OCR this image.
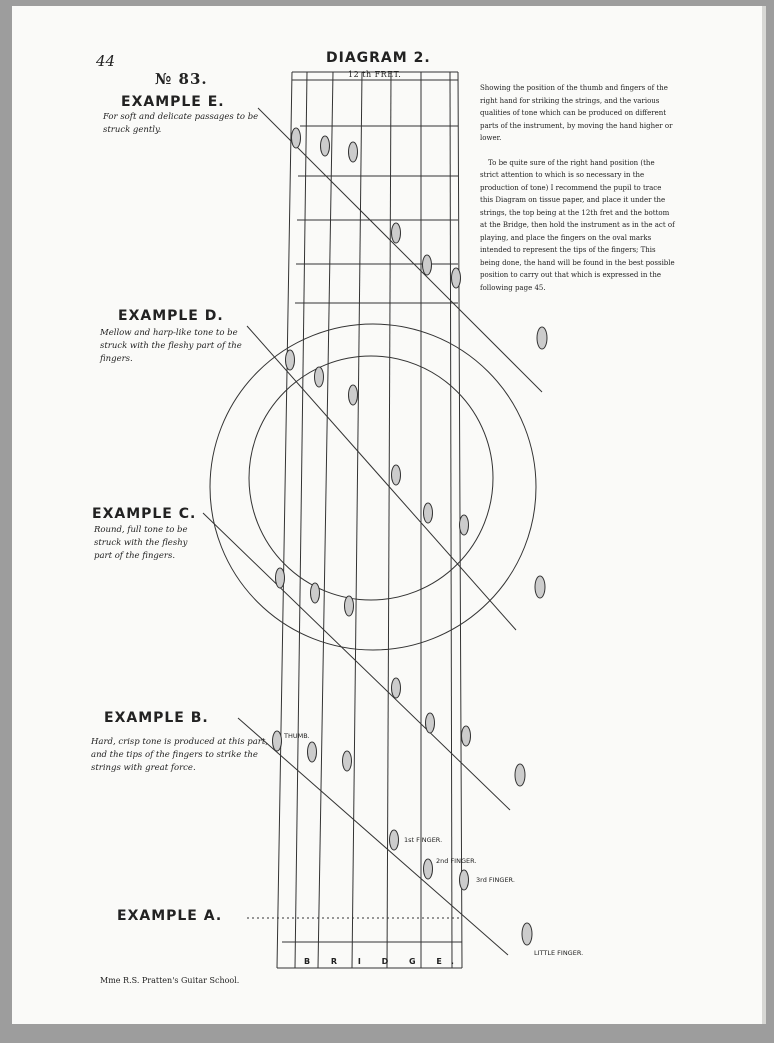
44
№ 83.
DIAGRAM 2.
12 th FRET.
EXAMPLE E.
For soft and delicate passages to be struck gently.
EXAMPLE D.
Mellow and harp-like tone to be struck with the fleshy part of the fingers.
EXAMPLE C.
Round, full tone to be struck with the fleshy part of the fingers.
EXAMPLE B.
Hard, crisp tone is produced at this part, and the tips of the fingers to strike the strings with great force.
EXAMPLE A.

Showing the position of the thumb and fingers of the right hand for striking the strings, and the various qualities of tone which can be produced on different parts of the instrument, by moving the hand higher or lower.

To be quite sure of the right hand position (the strict attention to which is so necessary in the production of tone) I recommend the pupil to trace this Diagram on tissue paper, and place it under the strings, the top being at the 12th fret and the bottom at the Bridge, then hold the instrument as in the act of playing, and place the fingers on the oval marks intended to represent the tips of the fingers; This being done, the hand will be found in the best possible position to carry out that which is expressed in the following page 45.

THUMB.
1st FINGER.
2nd FINGER.
3rd FINGER.
LITTLE FINGER.
B R I D G E.
Mme R.S. Pratten's Guitar School.
